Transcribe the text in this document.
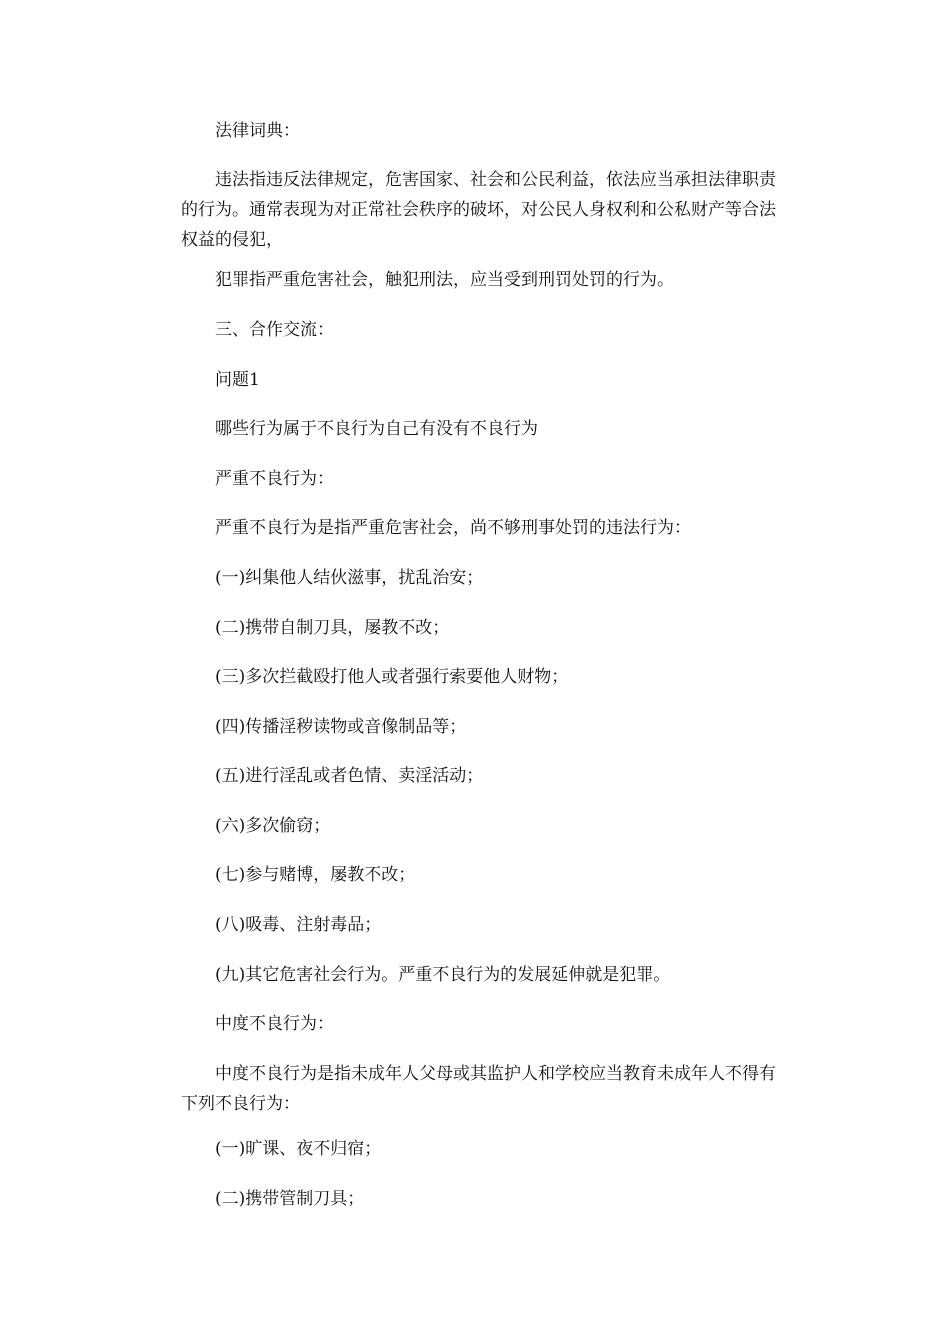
法律词典：

违法指违反法律规定，危害国家、社会和公民利益，依法应当承担法律职责的行为。通常表现为对正常社会秩序的破坏，对公民人身权利和公私财产等合法权益的侵犯，

犯罪指严重危害社会，触犯刑法，应当受到刑罚处罚的行为。

三、合作交流：

问题1

哪些行为属于不良行为自己有没有不良行为

严重不良行为：

严重不良行为是指严重危害社会，尚不够刑事处罚的违法行为：

(一)纠集他人结伙滋事，扰乱治安；

(二)携带自制刀具，屡教不改；

(三)多次拦截殴打他人或者强行索要他人财物；

(四)传播淫秽读物或音像制品等；

(五)进行淫乱或者色情、卖淫活动；

(六)多次偷窃；

(七)参与赌博，屡教不改；

(八)吸毒、注射毒品；

(九)其它危害社会行为。严重不良行为的发展延伸就是犯罪。

中度不良行为：

中度不良行为是指未成年人父母或其监护人和学校应当教育未成年人不得有下列不良行为：

(一)旷课、夜不归宿；

(二)携带管制刀具；
